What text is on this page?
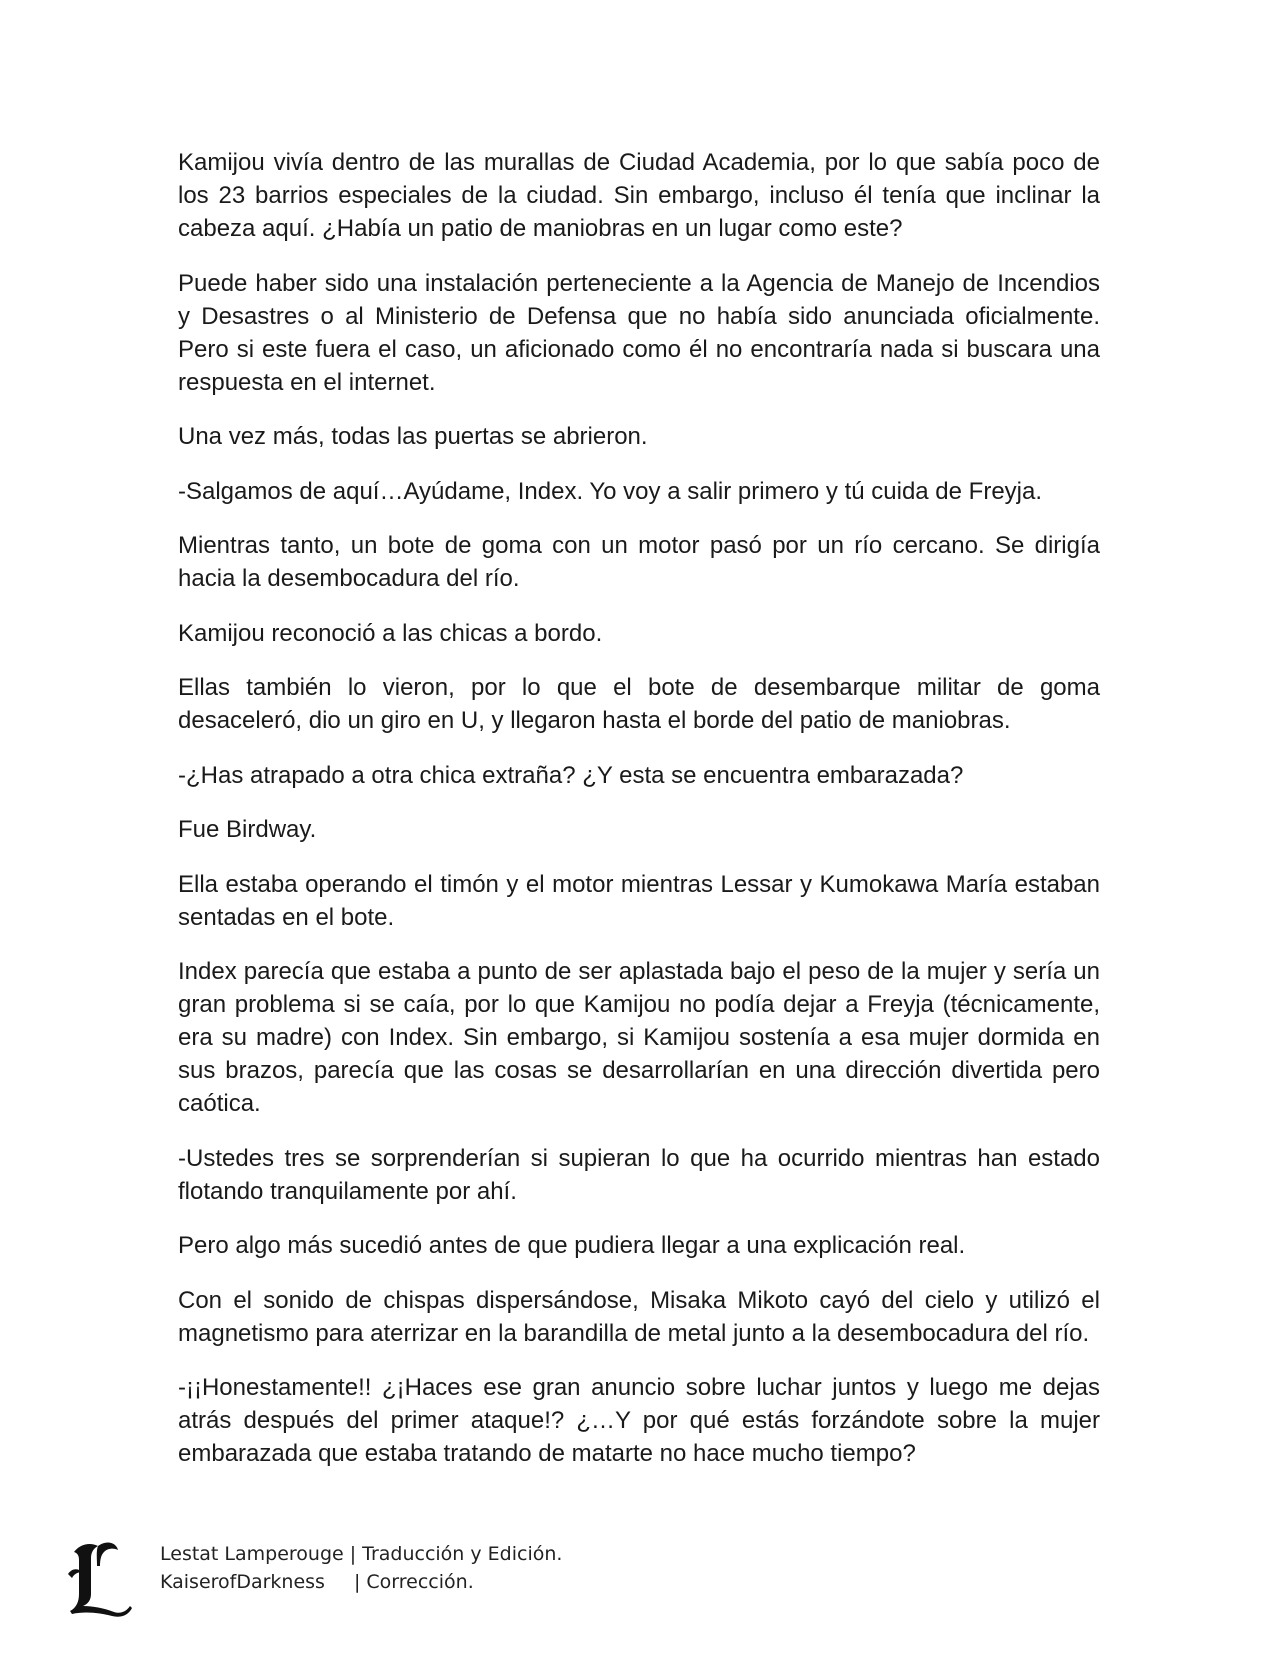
Kamijou vivía dentro de las murallas de Ciudad Academia, por lo que sabía poco de los 23 barrios especiales de la ciudad. Sin embargo, incluso él tenía que inclinar la cabeza aquí. ¿Había un patio de maniobras en un lugar como este?

Puede haber sido una instalación perteneciente a la Agencia de Manejo de Incendios y Desastres o al Ministerio de Defensa que no había sido anunciada oficialmente. Pero si este fuera el caso, un aficionado como él no encontraría nada si buscara una respuesta en el internet.

Una vez más, todas las puertas se abrieron.

-Salgamos de aquí…Ayúdame, Index. Yo voy a salir primero y tú cuida de Freyja.

Mientras tanto, un bote de goma con un motor pasó por un río cercano. Se dirigía hacia la desembocadura del río.

Kamijou reconoció a las chicas a bordo.

Ellas también lo vieron, por lo que el bote de desembarque militar de goma desaceleró, dio un giro en U, y llegaron hasta el borde del patio de maniobras.

-¿Has atrapado a otra chica extraña? ¿Y esta se encuentra embarazada?

Fue Birdway.

Ella estaba operando el timón y el motor mientras Lessar y Kumokawa María estaban sentadas en el bote.

Index parecía que estaba a punto de ser aplastada bajo el peso de la mujer y sería un gran problema si se caía, por lo que Kamijou no podía dejar a Freyja (técnicamente, era su madre) con Index. Sin embargo, si Kamijou sostenía a esa mujer dormida en sus brazos, parecía que las cosas se desarrollarían en una dirección divertida pero caótica.

-Ustedes tres se sorprenderían si supieran lo que ha ocurrido mientras han estado flotando tranquilamente por ahí.

Pero algo más sucedió antes de que pudiera llegar a una explicación real.

Con el sonido de chispas dispersándose, Misaka Mikoto cayó del cielo y utilizó el magnetismo para aterrizar en la barandilla de metal junto a la desembocadura del río.

-¡¡Honestamente!! ¿¡Haces ese gran anuncio sobre luchar juntos y luego me dejas atrás después del primer ataque!? ¿…Y por qué estás forzándote sobre la mujer embarazada que estaba tratando de matarte no hace mucho tiempo?

Lestat Lamperouge | Traducción y Edición.
KaiserofDarkness | Corrección.
